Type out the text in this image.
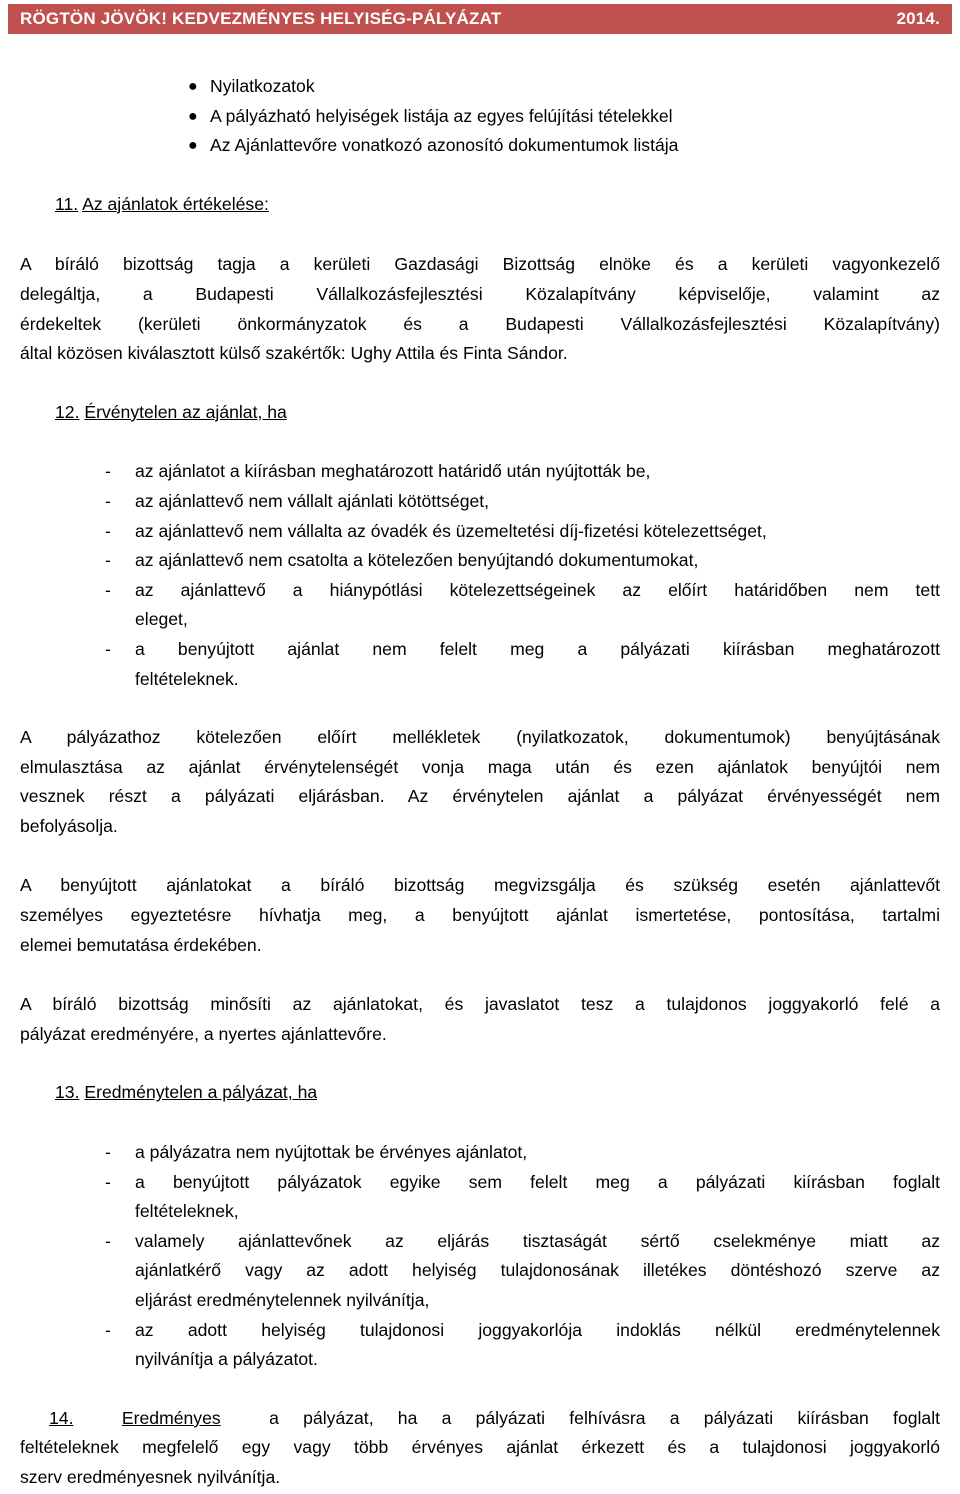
RÖGTÖN JÖVÖK! KEDVEZMÉNYES HELYISÉG-PÁLYÁZAT	2014.
● Nyilatkozatok
● A pályázható helyiségek listája az egyes felújítási tételekkel
● Az Ajánlattevőre vonatkozó azonosító dokumentumok listája
11. Az ajánlatok értékelése:

A bíráló bizottság tagja a kerületi Gazdasági Bizottság elnöke és a kerületi vagyonkezelő
delegáltja, a Budapesti Vállalkozásfejlesztési Közalapítvány képviselője, valamint az
érdekeltek (kerületi önkormányzatok és a Budapesti Vállalkozásfejlesztési Közalapítvány)
által közösen kiválasztott külső szakértők: Ughy Attila és Finta Sándor.

12. Érvénytelen az ajánlat, ha
- az ajánlatot a kiírásban meghatározott határidő után nyújtották be,
- az ajánlattevő nem vállalt ajánlati kötöttséget,
- az ajánlattevő nem vállalta az óvadék és üzemeltetési díj-fizetési kötelezettséget,
- az ajánlattevő nem csatolta a kötelezően benyújtandó dokumentumokat,
- az ajánlattevő a hiánypótlási kötelezettségeinek az előírt határidőben nem tett
eleget,
- a benyújtott ajánlat nem felelt meg a pályázati kiírásban meghatározott
feltételeknek.

A pályázathoz kötelezően előírt mellékletek (nyilatkozatok, dokumentumok) benyújtásának
elmulasztása az ajánlat érvénytelenségét vonja maga után és ezen ajánlatok benyújtói nem
vesznek részt a pályázati eljárásban. Az érvénytelen ajánlat a pályázat érvényességét nem
befolyásolja.

A benyújtott ajánlatokat a bíráló bizottság megvizsgálja és szükség esetén ajánlattevőt
személyes egyeztetésre hívhatja meg, a benyújtott ajánlat ismertetése, pontosítása, tartalmi
elemei bemutatása érdekében.

A bíráló bizottság minősíti az ajánlatokat, és javaslatot tesz a tulajdonos joggyakorló felé a
pályázat eredményére, a nyertes ajánlattevőre.

13. Eredménytelen a pályázat, ha
- a pályázatra nem nyújtottak be érvényes ajánlatot,
- a benyújtott pályázatok egyike sem felelt meg a pályázati kiírásban foglalt
feltételeknek,
- valamely ajánlattevőnek az eljárás tisztaságát sértő cselekménye miatt az
ajánlatkérő vagy az adott helyiség tulajdonosának illetékes döntéshozó szerve az
eljárást eredménytelennek nyilvánítja,
- az adott helyiség tulajdonosi joggyakorlója indoklás nélkül eredménytelennek
nyilvánítja a pályázatot.

14.	Eredményes	a pályázat, ha a pályázati felhívásra a pályázati kiírásban foglalt
feltételeknek megfelelő egy vagy több érvényes ajánlat érkezett és a tulajdonosi joggyakorló
szerv eredményesnek nyilvánítja.
